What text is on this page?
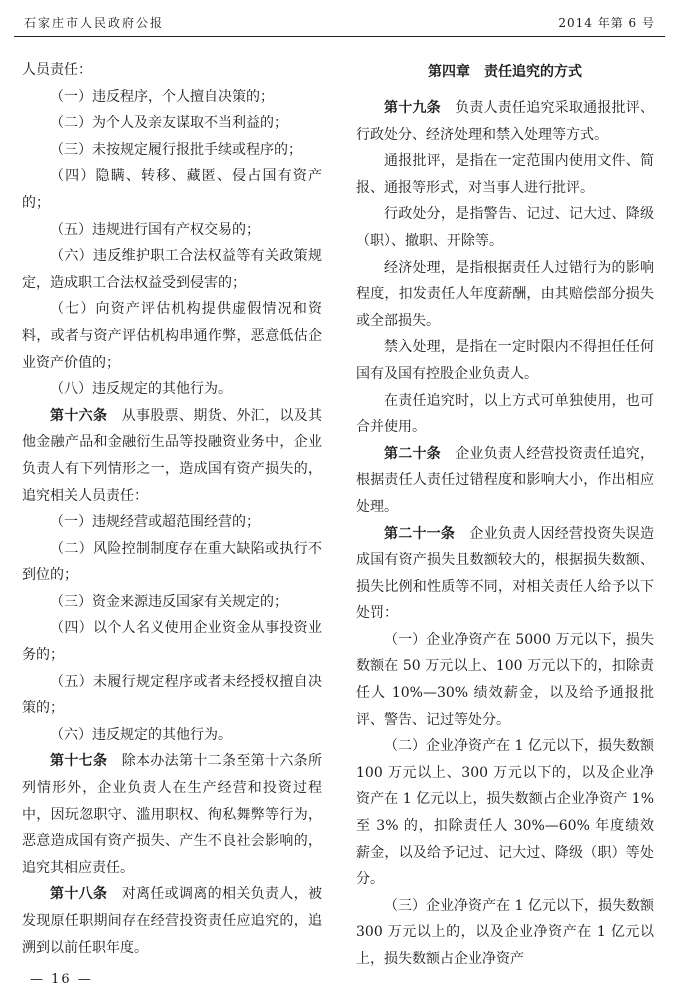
石家庄市人民政府公报	2014 年第 6 号

人员责任：

（一）违反程序，个人擅自决策的；

（二）为个人及亲友谋取不当利益的；

（三）未按规定履行报批手续或程序的；

（四）隐瞒、转移、藏匿、侵占国有资产的；

（五）违规进行国有产权交易的；

（六）违反维护职工合法权益等有关政策规定，造成职工合法权益受到侵害的；

（七）向资产评估机构提供虚假情况和资料，或者与资产评估机构串通作弊，恶意低估企业资产价值的；

（八）违反规定的其他行为。

第十六条　 从事股票、期货、外汇，以及其他金融产品和金融衍生品等投融资业务中，企业负责人有下列情形之一，造成国有资产损失的，追究相关人员责任：

（一）违规经营或超范围经营的；

（二）风险控制制度存在重大缺陷或执行不到位的；

（三）资金来源违反国家有关规定的；

（四）以个人名义使用企业资金从事投资业务的；

（五）未履行规定程序或者未经授权擅自决策的；

（六）违反规定的其他行为。

第十七条　 除本办法第十二条至第十六条所列情形外，企业负责人在生产经营和投资过程中，因玩忽职守、滥用职权、徇私舞弊等行为，恶意造成国有资产损失、产生不良社会影响的，追究其相应责任。

第十八条　 对离任或调离的相关负责人，被发现原任职期间存在经营投资责任应追究的，追溯到以前任职年度。

第四章　责任追究的方式

第十九条　 负责人责任追究采取通报批评、行政处分、经济处理和禁入处理等方式。

通报批评，是指在一定范围内使用文件、简报、通报等形式，对当事人进行批评。

行政处分，是指警告、记过、记大过、降级（职）、撤职、开除等。

经济处理，是指根据责任人过错行为的影响程度，扣发责任人年度薪酬，由其赔偿部分损失或全部损失。

禁入处理，是指在一定时限内不得担任任何国有及国有控股企业负责人。

在责任追究时，以上方式可单独使用，也可合并使用。

第二十条　 企业负责人经营投资责任追究，根据责任人责任过错程度和影响大小，作出相应处理。

第二十一条　 企业负责人因经营投资失误造成国有资产损失且数额较大的，根据损失数额、损失比例和性质等不同，对相关责任人给予以下处罚：

（一）企业净资产在 5000 万元以下，损失数额在 50 万元以上、100 万元以下的，扣除责任人 10%—30% 绩效薪金，以及给予通报批评、警告、记过等处分。

（二）企业净资产在 1 亿元以下，损失数额 100 万元以上、300 万元以下的，以及企业净资产在 1 亿元以上，损失数额占企业净资产 1% 至 3% 的，扣除责任人 30%—60% 年度绩效薪金，以及给予记过、记大过、降级（职）等处分。

（三）企业净资产在 1 亿元以下，损失数额 300 万元以上的，以及企业净资产在 1 亿元以上，损失数额占企业净资产

— 16 —
